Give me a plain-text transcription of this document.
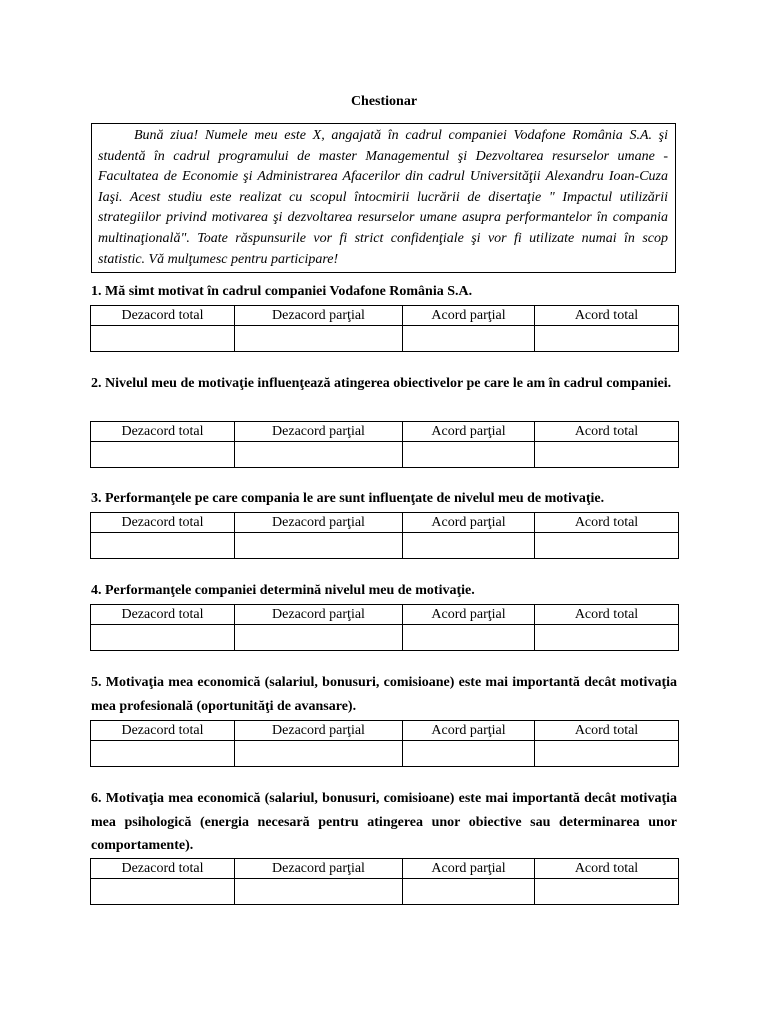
Chestionar

Bună ziua! Numele meu este X, angajată în cadrul companiei Vodafone România S.A. şi studentă în cadrul programului de master Managementul şi Dezvoltarea resurselor umane - Facultatea de Economie şi Administrarea Afacerilor din cadrul Universităţii Alexandru Ioan-Cuza Iaşi. Acest studiu este realizat cu scopul întocmirii lucrării de disertaţie " Impactul utilizării strategiilor privind motivarea şi dezvoltarea resurselor umane asupra performantelor în compania multinaţională". Toate răspunsurile vor fi strict confidenţiale şi vor fi utilizate numai în scop statistic. Vă mulţumesc pentru participare!

1. Mă simt motivat în cadrul companiei Vodafone România S.A.
Dezacord total	Dezacord parţial	Acord parţial	Acord total

2. Nivelul meu de motivaţie influenţează atingerea obiectivelor pe care le am în cadrul companiei.
Dezacord total	Dezacord parţial	Acord parţial	Acord total

3. Performanţele pe care compania le are sunt influenţate de nivelul meu de motivaţie.
Dezacord total	Dezacord parţial	Acord parţial	Acord total

4. Performanţele companiei determină nivelul meu de motivaţie.
Dezacord total	Dezacord parţial	Acord parţial	Acord total

5. Motivaţia mea economică (salariul, bonusuri, comisioane) este mai importantă decât motivaţia mea profesională (oportunităţi de avansare).
Dezacord total	Dezacord parţial	Acord parţial	Acord total

6. Motivaţia mea economică (salariul, bonusuri, comisioane) este mai importantă decât motivaţia mea psihologică (energia necesară pentru atingerea unor obiective sau determinarea unor comportamente).
Dezacord total	Dezacord parţial	Acord parţial	Acord total
